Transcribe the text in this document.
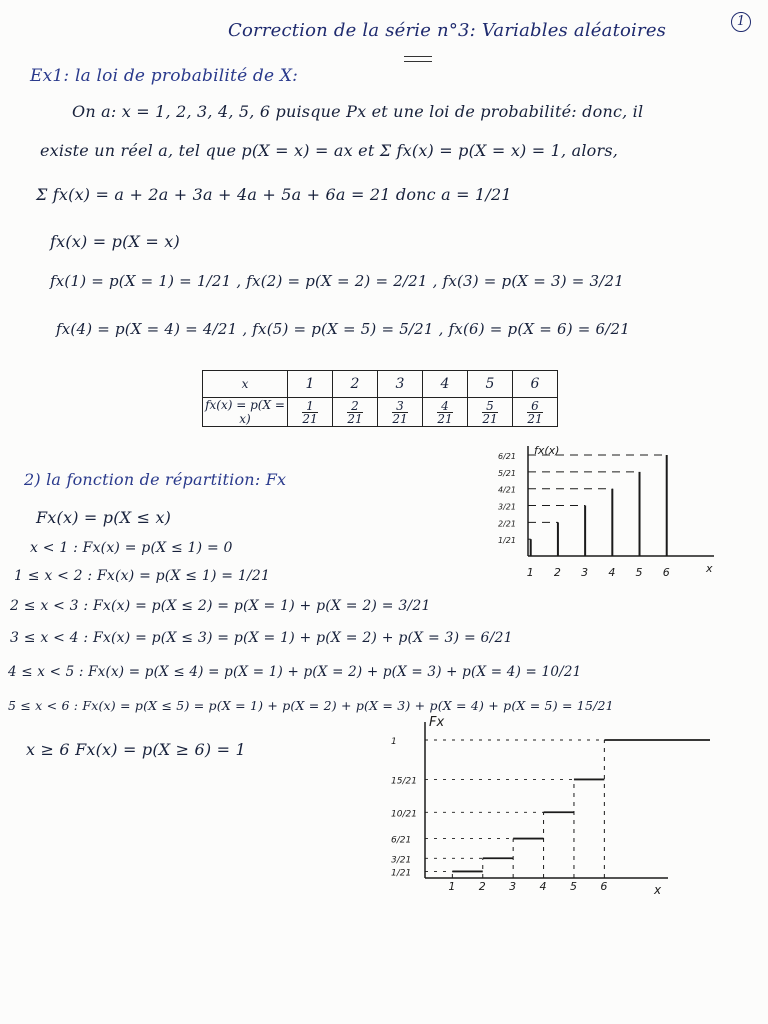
Correction de la série n°3: Variables aléatoires	1
Ex1: la loi de probabilité de X:
On a: x = 1, 2, 3, 4, 5, 6 puisque Px et une loi de probabilité: donc, il
existe un réel a, tel que p(X = x) = ax et Σ fx(x) = p(X = x) = 1, alors,
Σ fx(x) = a + 2a + 3a + 4a + 5a + 6a = 21 donc a = 1/21
fx(x) = p(X = x)
fx(1) = p(X = 1) = 1/21 , fx(2) = p(X = 2) = 2/21 , fx(3) = p(X = 3) = 3/21
fx(4) = p(X = 4) = 4/21 , fx(5) = p(X = 5) = 5/21 , fx(6) = p(X = 6) = 6/21
x	1	2	3	4	5	6
fx(x) = p(X = x)	$\frac{1}{21}$	$\frac{2}{21}$	$\frac{3}{21}$	$\frac{4}{21}$	$\frac{5}{21}$	$\frac{6}{21}$
2) la fonction de répartition: Fx
Fx(x) = p(X ≤ x)
x < 1 : Fx(x) = p(X ≤ 1) = 0
1 ≤ x < 2 : Fx(x) = p(X ≤ 1) = 1/21
2 ≤ x < 3 : Fx(x) = p(X ≤ 2) = p(X = 1) + p(X = 2) = 3/21
3 ≤ x < 4 : Fx(x) = p(X ≤ 3) = p(X = 1) + p(X = 2) + p(X = 3) = 6/21
4 ≤ x < 5 : Fx(x) = p(X ≤ 4) = p(X = 1) + p(X = 2) + p(X = 3) + p(X = 4) = 10/21
5 ≤ x < 6 : Fx(x) = p(X ≤ 5) = p(X = 1) + p(X = 2) + p(X = 3) + p(X = 4) + p(X = 5) = 15/21
x ≥ 6 Fx(x) = p(X ≥ 6) = 1
fx(x)
x
1 2 3 4 5 6
6/21
5/21
4/21
3/21
2/21
1/21
Fx
x
1 2 3 4 5 6
1
15/21
10/21
6/21
3/21
1/21
